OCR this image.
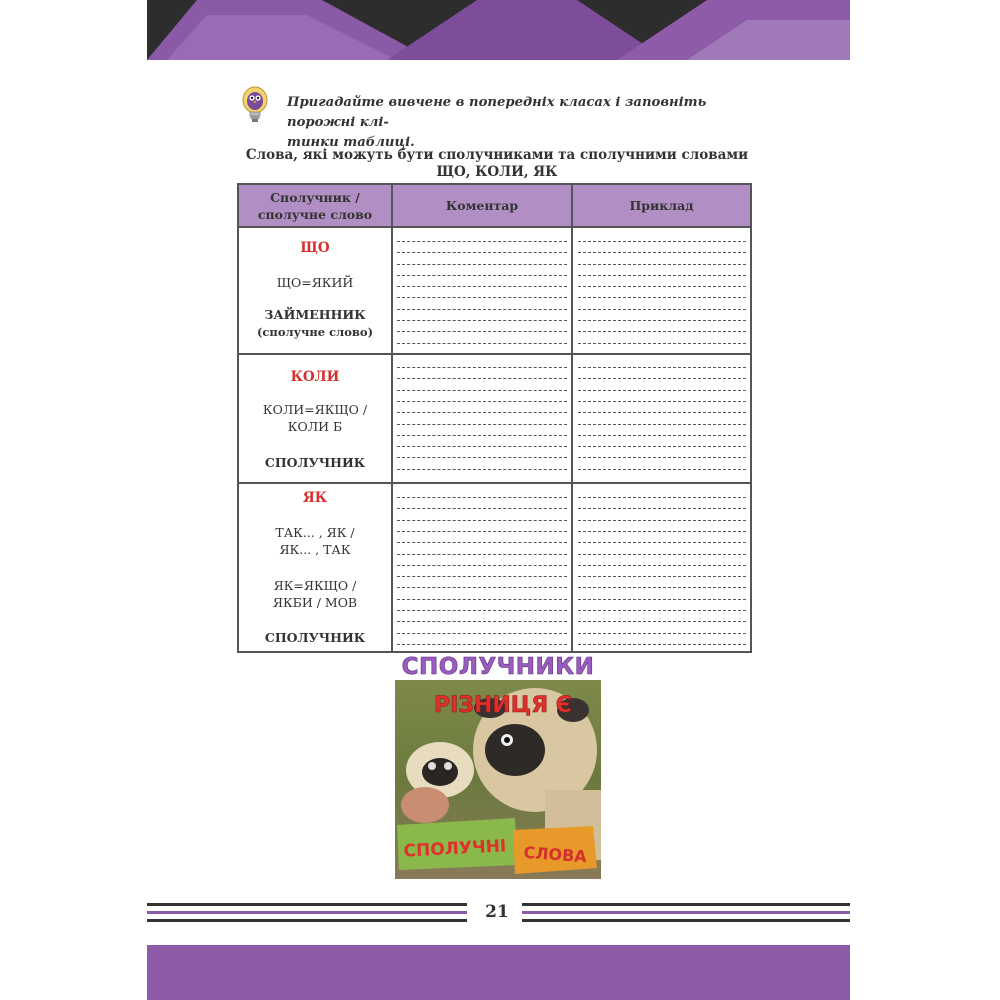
Пригадайте вивчене в попередніх класах і заповніть порожні клі-
тинки таблиці.
Слова, які можуть бути сполучниками та сполучними словами
ЩО, КОЛИ, ЯК
Сполучник /
сполучне слово
Коментар	Приклад
ЩО
ЩО=ЯКИЙ
ЗАЙМЕННИК
(сполучне слово)
КОЛИ
КОЛИ=ЯКЩО /
КОЛИ Б
СПОЛУЧНИК
ЯК
ТАК... , ЯК /
ЯК... , ТАК
ЯК=ЯКЩО /
ЯКБИ / МОВ
СПОЛУЧНИК
СПОЛУЧНИКИ
РІЗНИЦЯ Є
СПОЛУЧНІ СЛОВА
21
